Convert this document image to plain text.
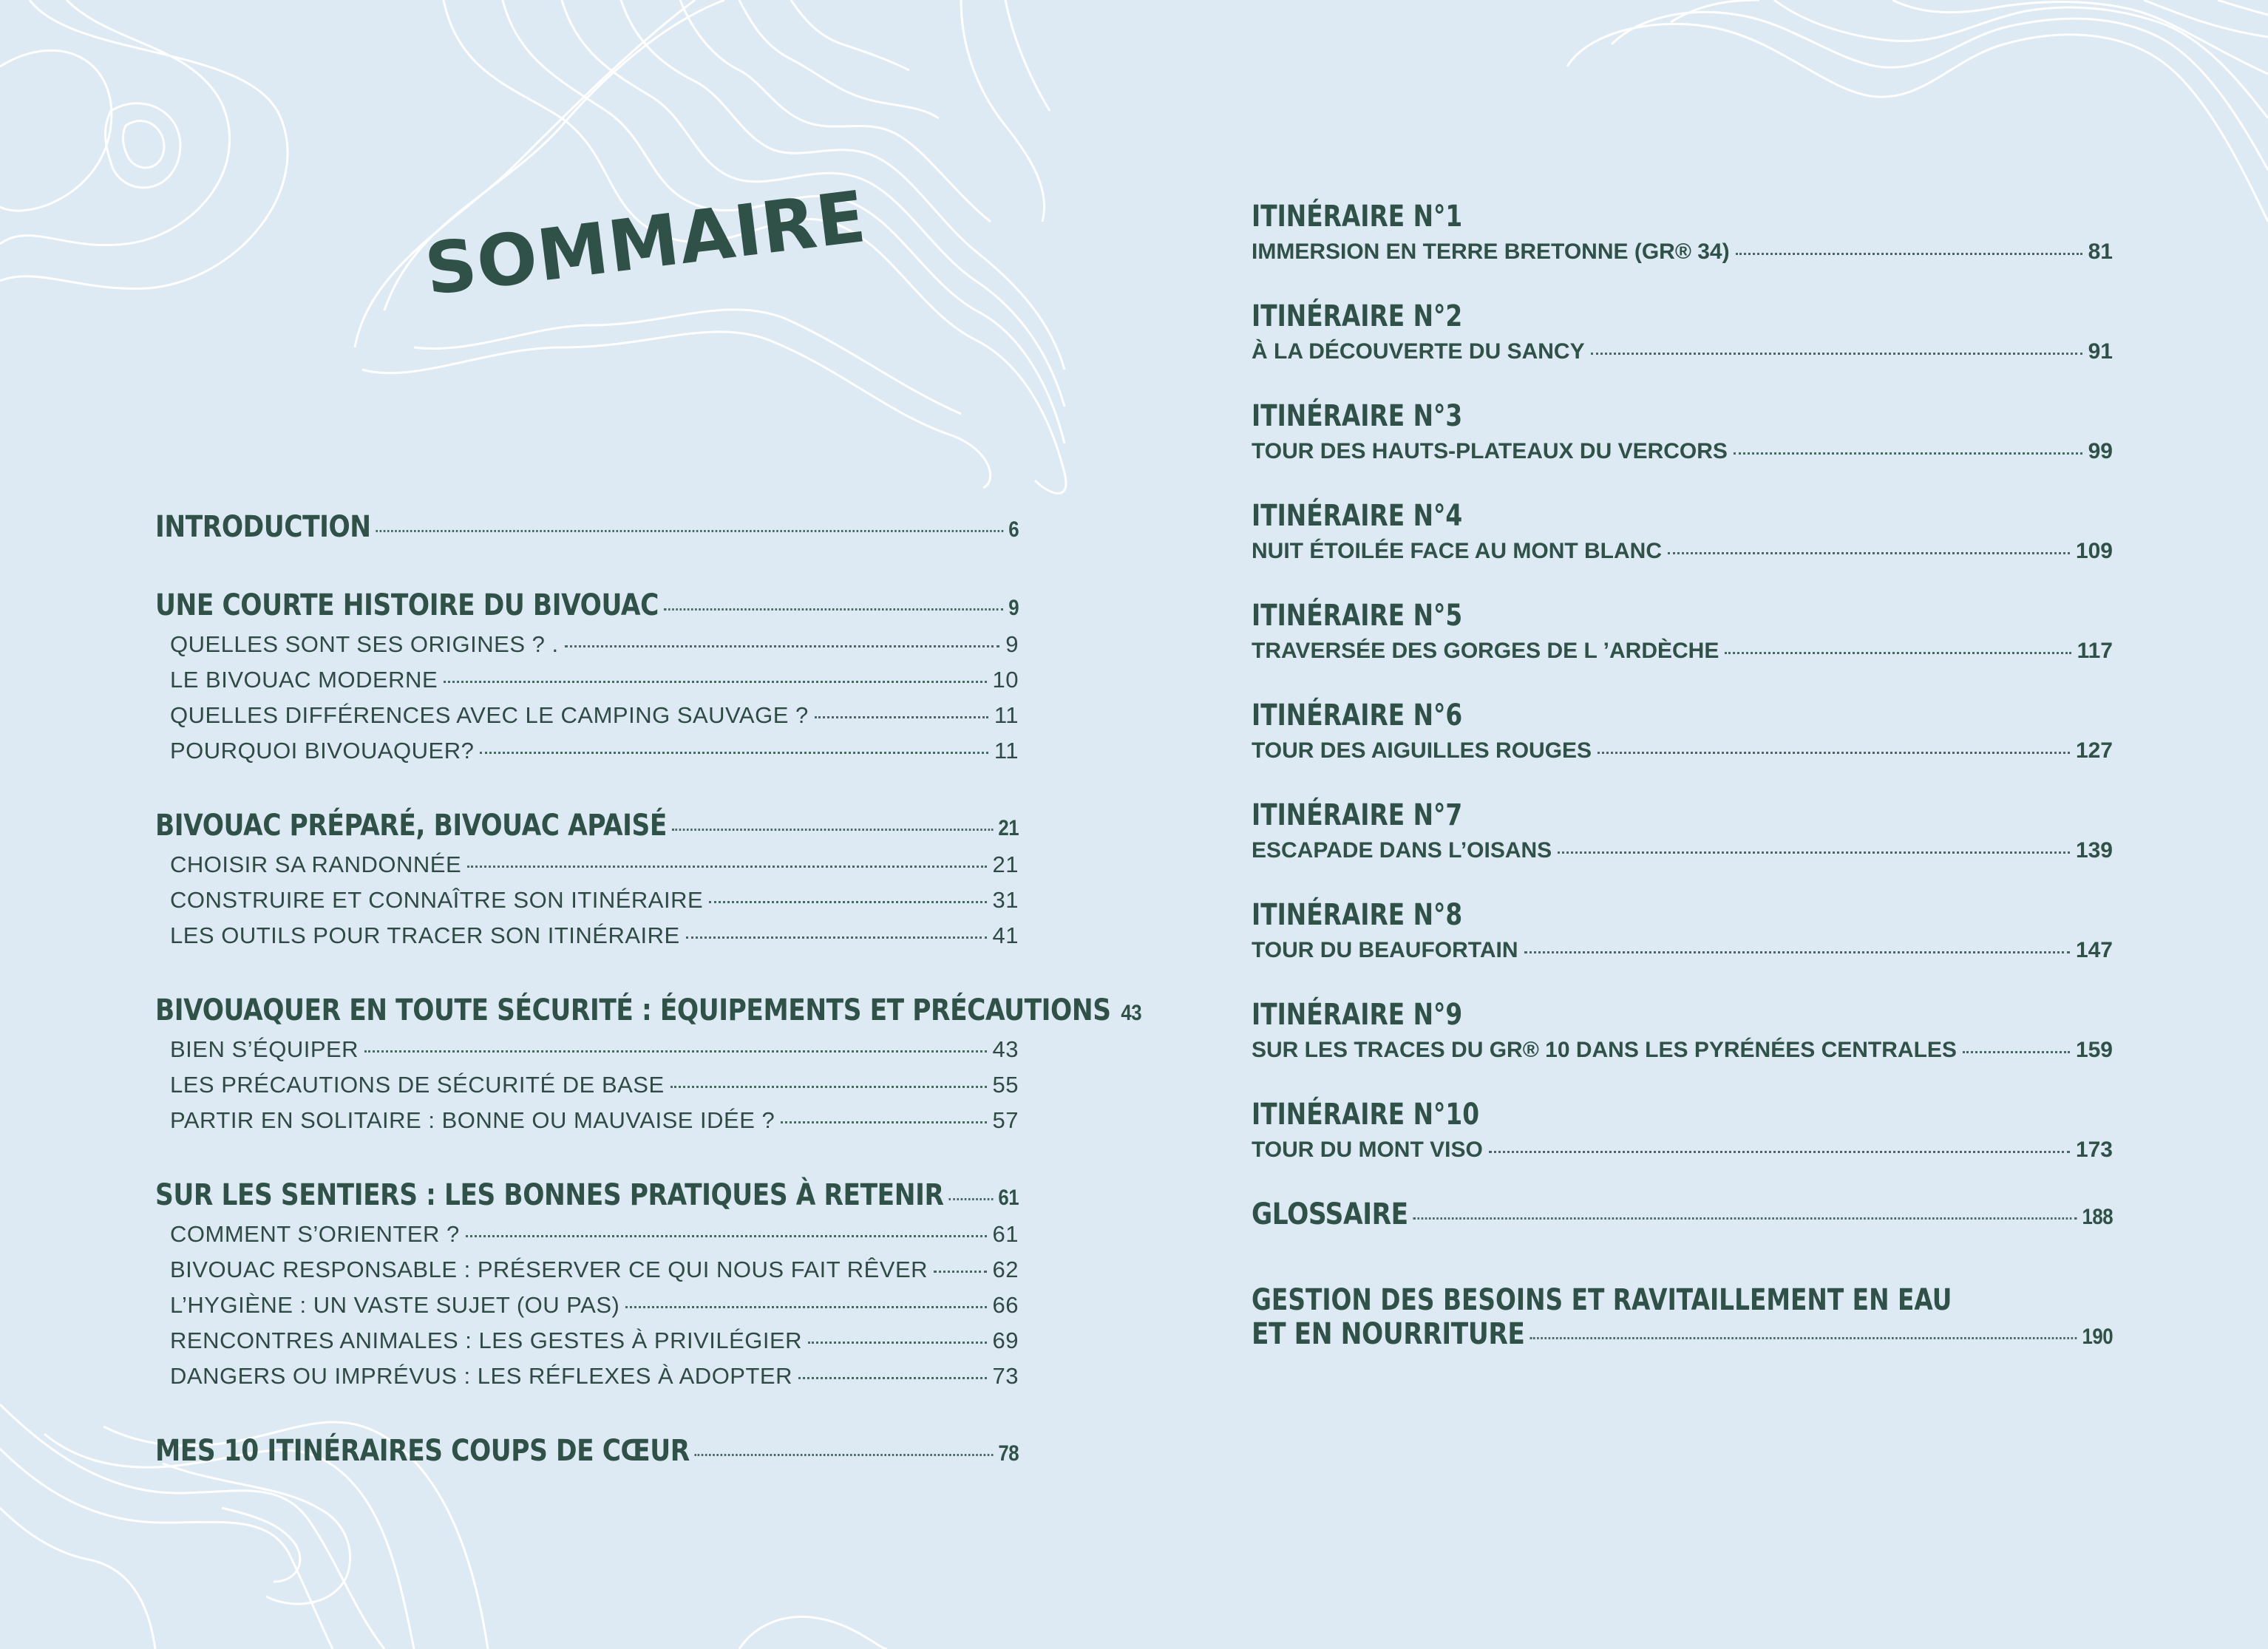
SOMMAIRE
INTRODUCTION	6
UNE COURTE HISTOIRE DU BIVOUAC	9
QUELLES SONT SES ORIGINES ? .	9
LE BIVOUAC MODERNE	10
QUELLES DIFFÉRENCES AVEC LE CAMPING SAUVAGE ?	11
POURQUOI BIVOUAQUER?	11
BIVOUAC PRÉPARÉ, BIVOUAC APAISÉ	21
CHOISIR SA RANDONNÉE	21
CONSTRUIRE ET CONNAÎTRE SON ITINÉRAIRE	31
LES OUTILS POUR TRACER SON ITINÉRAIRE	41
BIVOUAQUER EN TOUTE SÉCURITÉ : ÉQUIPEMENTS ET PRÉCAUTIONS 43
BIEN S’ÉQUIPER	43
LES PRÉCAUTIONS DE SÉCURITÉ DE BASE	55
PARTIR EN SOLITAIRE : BONNE OU MAUVAISE IDÉE ?	57
SUR LES SENTIERS : LES BONNES PRATIQUES À RETENIR 61
COMMENT S’ORIENTER ?	61
BIVOUAC RESPONSABLE : PRÉSERVER CE QUI NOUS FAIT RÊVER	62
L’HYGIÈNE : UN VASTE SUJET (OU PAS)	66
RENCONTRES ANIMALES : LES GESTES À PRIVILÉGIER	69
DANGERS OU IMPRÉVUS : LES RÉFLEXES À ADOPTER	73
MES 10 ITINÉRAIRES COUPS DE CŒUR	78
ITINÉRAIRE N°1
IMMERSION EN TERRE BRETONNE (GR® 34)	81
ITINÉRAIRE N°2
À LA DÉCOUVERTE DU SANCY	91
ITINÉRAIRE N°3
TOUR DES HAUTS-PLATEAUX DU VERCORS	99
ITINÉRAIRE N°4
NUIT ÉTOILÉE FACE AU MONT BLANC	109
ITINÉRAIRE N°5
TRAVERSÉE DES GORGES DE L ’ARDÈCHE	117
ITINÉRAIRE N°6
TOUR DES AIGUILLES ROUGES	127
ITINÉRAIRE N°7
ESCAPADE DANS L’OISANS	139
ITINÉRAIRE N°8
TOUR DU BEAUFORTAIN	147
ITINÉRAIRE N°9
SUR LES TRACES DU GR® 10 DANS LES PYRÉNÉES CENTRALES	159
ITINÉRAIRE N°10
TOUR DU MONT VISO	173
GLOSSAIRE	188
GESTION DES BESOINS ET RAVITAILLEMENT EN EAU
ET EN NOURRITURE	190
